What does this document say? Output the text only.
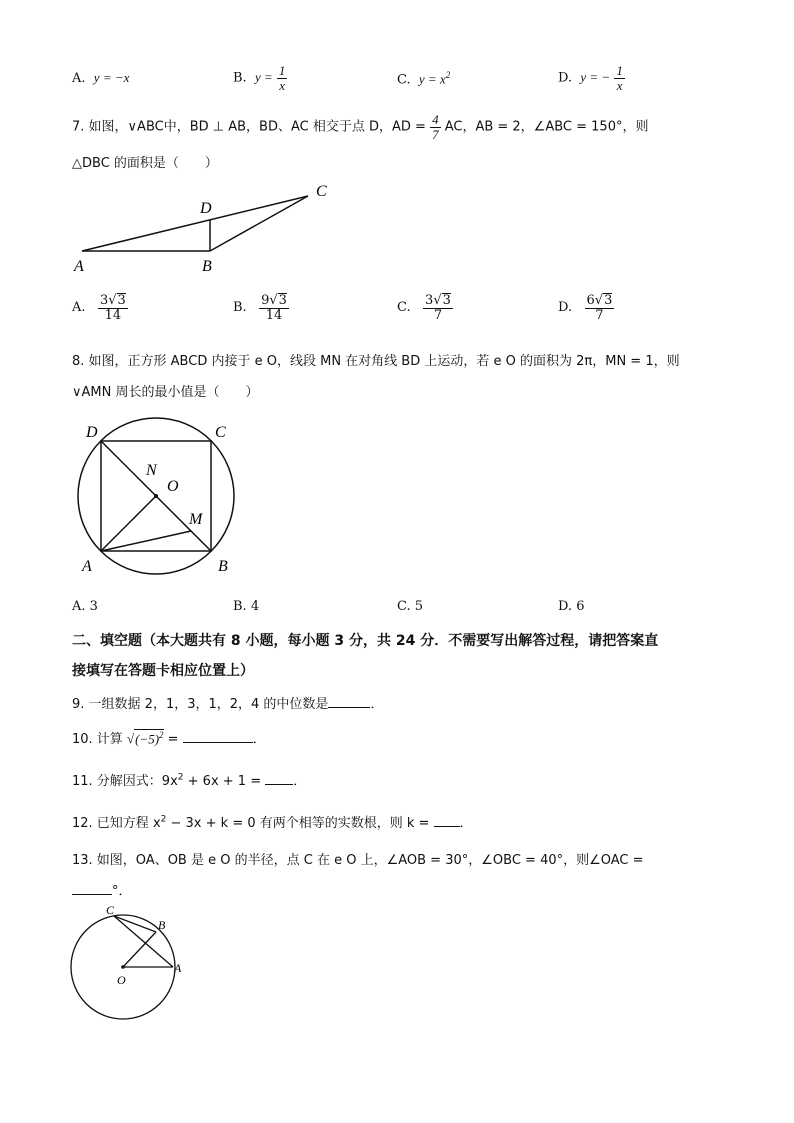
A. y = −x	B. $y = \frac{1}{x}$	C. $y = x^2$	D. y = − $\frac{1}{x}$
7. 如图，∨ABC中，BD ⊥ AB，BD、AC 相交于点 D，AD = $\frac{4}{7}$ AC，AB = 2，∠ABC = 150°，则
△DBC 的面积是（　　）
A	B
C
D
A. $\frac{3√3}{14}$	B. $\frac{9√3}{14}$	C. $\frac{3√3}{7}$	D. $\frac{6√3}{7}$
8. 如图，正方形 ABCD 内接于 e O，线段 MN 在对角线 BD 上运动，若 e O 的面积为 2π，MN = 1，则
∨AMN 周长的最小值是（　　）
D	C
N
O
M
A	B
A. 3	B. 4	C. 5	D. 6
二、填空题（本大题共有 8 小题，每小题 3 分，共 24 分．不需要写出解答过程，请把答案直
接填写在答题卡相应位置上）
9. 一组数据 2，1，3，1，2，4 的中位数是	．
10. 计算 $√(-5)^2$ =	．
11. 分解因式：$9x^2 + 6x + 1$ = ．
12. 已知方程 $x^2 - 3x + k = 0$ 有两个相等的实数根，则 k = ．
13. 如图，OA、OB 是 e O 的半径，点 C 在 e O 上，∠AOB = 30°，∠OBC = 40°，则∠OAC =
°．
C
B
O
A
